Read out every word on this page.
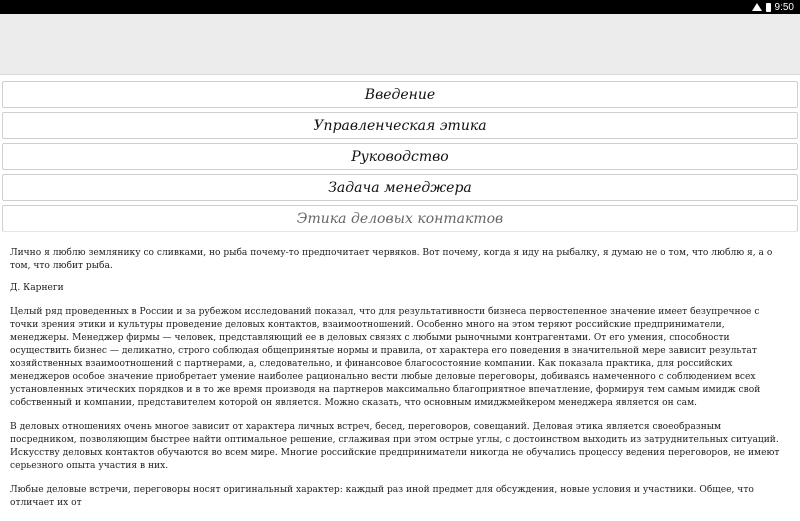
9:50
Введение
Управленческая этика
Руководство
Задача менеджера
Этика деловых контактов

Лично я люблю землянику со сливками, но рыба почему-то предпочитает червяков. Вот почему, когда я иду на рыбалку, я думаю не о том, что люблю я, а о том, что любит рыба.

Д. Карнеги

Целый ряд проведенных в России и за рубежом исследований показал, что для результативности бизнеса первостепенное значение имеет безупречное с точки зрения этики и культуры проведение деловых контактов, взаимоотношений. Особенно много на этом теряют российские предприниматели, менеджеры. Менеджер фирмы — человек, представляющий ее в деловых связях с любыми рыночными контрагентами. От его умения, способности осуществить бизнес — деликатно, строго соблюдая общепринятые нормы и правила, от характера его поведения в значительной мере зависит результат хозяйственных взаимоотношений с партнерами, а, следовательно, и финансовое благосостояние компании. Как показала практика, для российских менеджеров особое значение приобретает умение наиболее рационально вести любые деловые переговоры, добиваясь намеченного с соблюдением всех установленных этических порядков и в то же время производя на партнеров максимально благоприятное впечатление, формируя тем самым имидж свой собственный и компании, представителем которой он является. Можно сказать, что основным имиджмейкером менеджера является он сам.

В деловых отношениях очень многое зависит от характера личных встреч, бесед, переговоров, совещаний. Деловая этика является своеобразным посредником, позволяющим быстрее найти оптимальное решение, сглаживая при этом острые углы, с достоинством выходить из затруднительных ситуаций. Искусству деловых контактов обучаются во всем мире. Многие российские предприниматели никогда не обучались процессу ведения переговоров, не имеют серьезного опыта участия в них.

Любые деловые встречи, переговоры носят оригинальный характер: каждый раз иной предмет для обсуждения, новые условия и участники. Общее, что отличает их от
